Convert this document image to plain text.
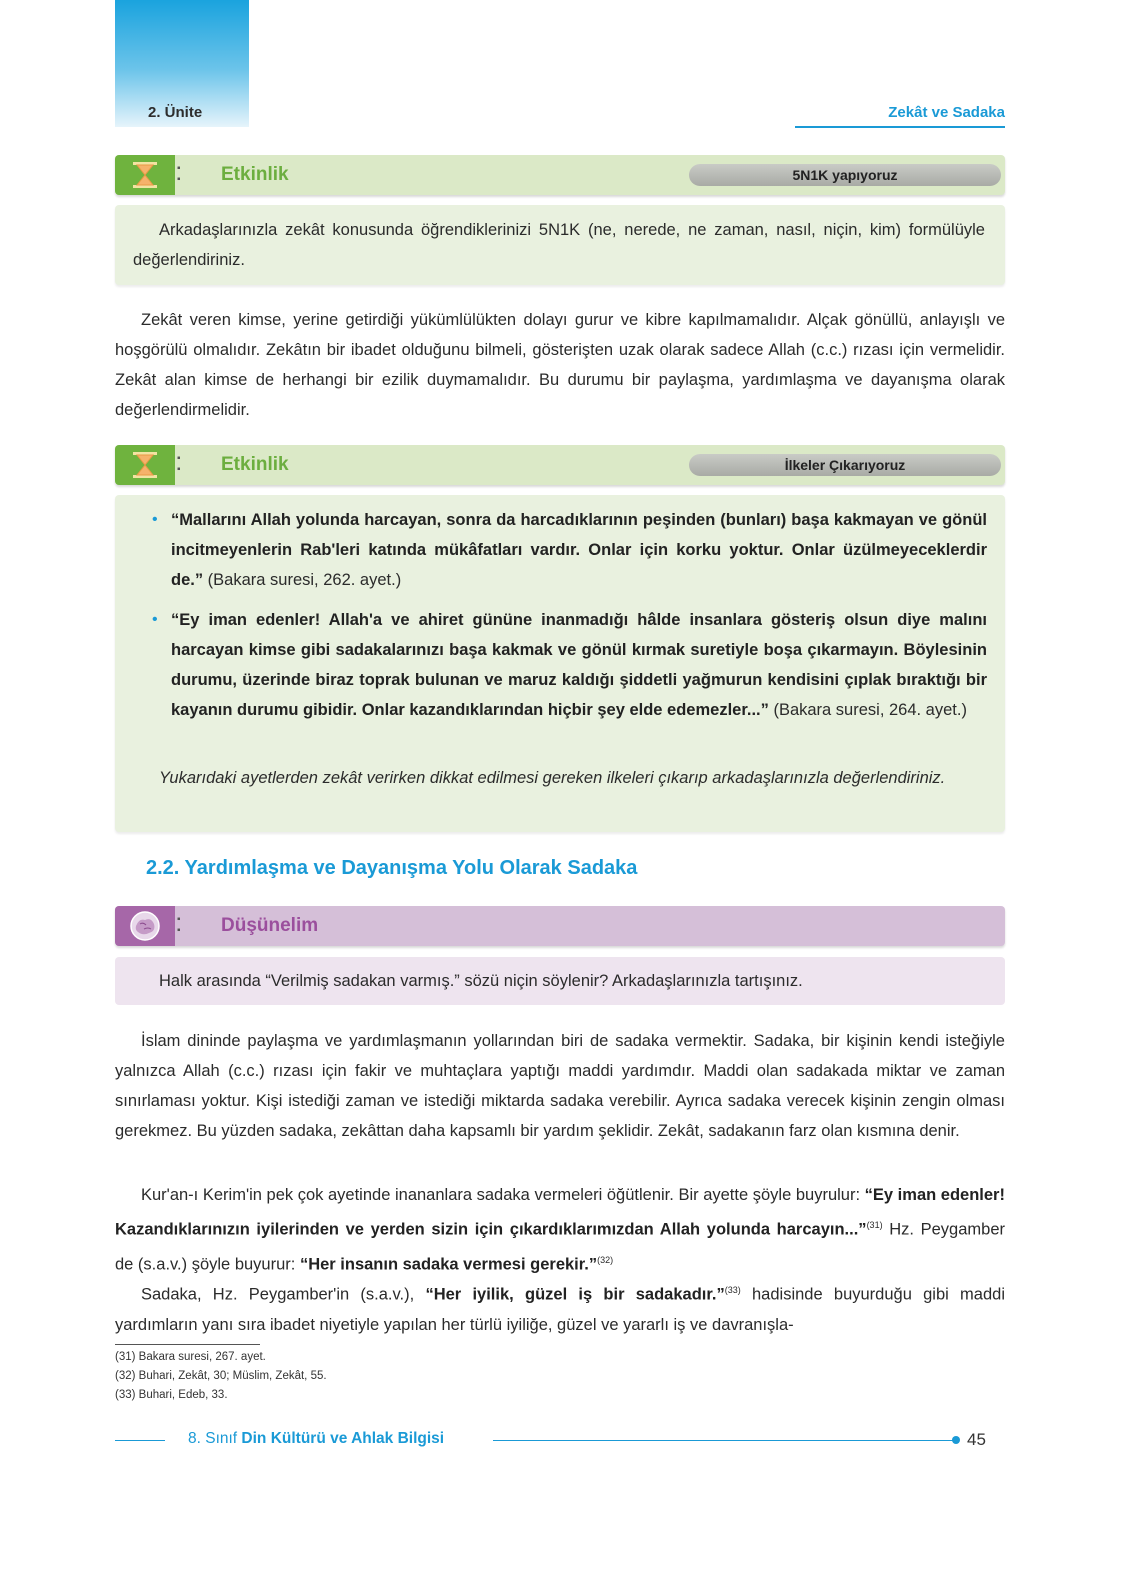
2. Ünite	Zekât ve Sadaka
▪
▪ Etkinlik	5N1K yapıyoruz
Arkadaşlarınızla zekât konusunda öğrendiklerinizi 5N1K (ne, nerede, ne zaman, nasıl, niçin, kim) formülüyle değerlendiriniz.
Zekât veren kimse, yerine getirdiği yükümlülükten dolayı gurur ve kibre kapılmamalıdır. Alçak gönüllü, anlayışlı ve hoşgörülü olmalıdır. Zekâtın bir ibadet olduğunu bilmeli, gösterişten uzak olarak sadece Allah (c.c.) rızası için vermelidir. Zekât alan kimse de herhangi bir ezilik duymamalıdır. Bu durumu bir paylaşma, yardımlaşma ve dayanışma olarak değerlendirmelidir.
▪
▪ Etkinlik	İlkeler Çıkarıyoruz
• “Mallarını Allah yolunda harcayan, sonra da harcadıklarının peşinden (bunları) başa kakmayan ve gönül incitmeyenlerin Rab'leri katında mükâfatları vardır. Onlar için korku yoktur. Onlar üzülmeyeceklerdir de.” (Bakara suresi, 262. ayet.)
• “Ey iman edenler! Allah'a ve ahiret gününe inanmadığı hâlde insanlara gösteriş olsun diye malını harcayan kimse gibi sadakalarınızı başa kakmak ve gönül kırmak suretiyle boşa çıkarmayın. Böylesinin durumu, üzerinde biraz toprak bulunan ve maruz kaldığı şiddetli yağmurun kendisini çıplak bıraktığı bir kayanın durumu gibidir. Onlar kazandıklarından hiçbir şey elde edemezler...” (Bakara suresi, 264. ayet.)
Yukarıdaki ayetlerden zekât verirken dikkat edilmesi gereken ilkeleri çıkarıp arkadaşlarınızla değerlendiriniz.
2.2. Yardımlaşma ve Dayanışma Yolu Olarak Sadaka
▪
▪ Düşünelim
Halk arasında “Verilmiş sadakan varmış.” sözü niçin söylenir? Arkadaşlarınızla tartışınız.
İslam dininde paylaşma ve yardımlaşmanın yollarından biri de sadaka vermektir. Sadaka, bir kişinin kendi isteğiyle yalnızca Allah (c.c.) rızası için fakir ve muhtaçlara yaptığı maddi yardımdır. Maddi olan sadakada miktar ve zaman sınırlaması yoktur. Kişi istediği zaman ve istediği miktarda sadaka verebilir. Ayrıca sadaka verecek kişinin zengin olması gerekmez. Bu yüzden sadaka, zekâttan daha kapsamlı bir yardım şeklidir. Zekât, sadakanın farz olan kısmına denir.
Kur'an-ı Kerim'in pek çok ayetinde inananlara sadaka vermeleri öğütlenir. Bir ayette şöyle buyrulur: “Ey iman edenler! Kazandıklarınızın iyilerinden ve yerden sizin için çıkardıklarımızdan Allah yolunda harcayın...”$^{(31)}$ Hz. Peygamber de (s.a.v.) şöyle buyurur: “Her insanın sadaka vermesi gerekir.”$^{(32)}$
Sadaka, Hz. Peygamber'in (s.a.v.), “Her iyilik, güzel iş bir sadakadır.”$^{(33)}$ hadisinde buyurduğu gibi maddi yardımların yanı sıra ibadet niyetiyle yapılan her türlü iyiliğe, güzel ve yararlı iş ve davranışla-
(31) Bakara suresi, 267. ayet.
(32) Buhari, Zekât, 30; Müslim, Zekât, 55.
(33) Buhari, Edeb, 33.
8. Sınıf Din Kültürü ve Ahlak Bilgisi	45
